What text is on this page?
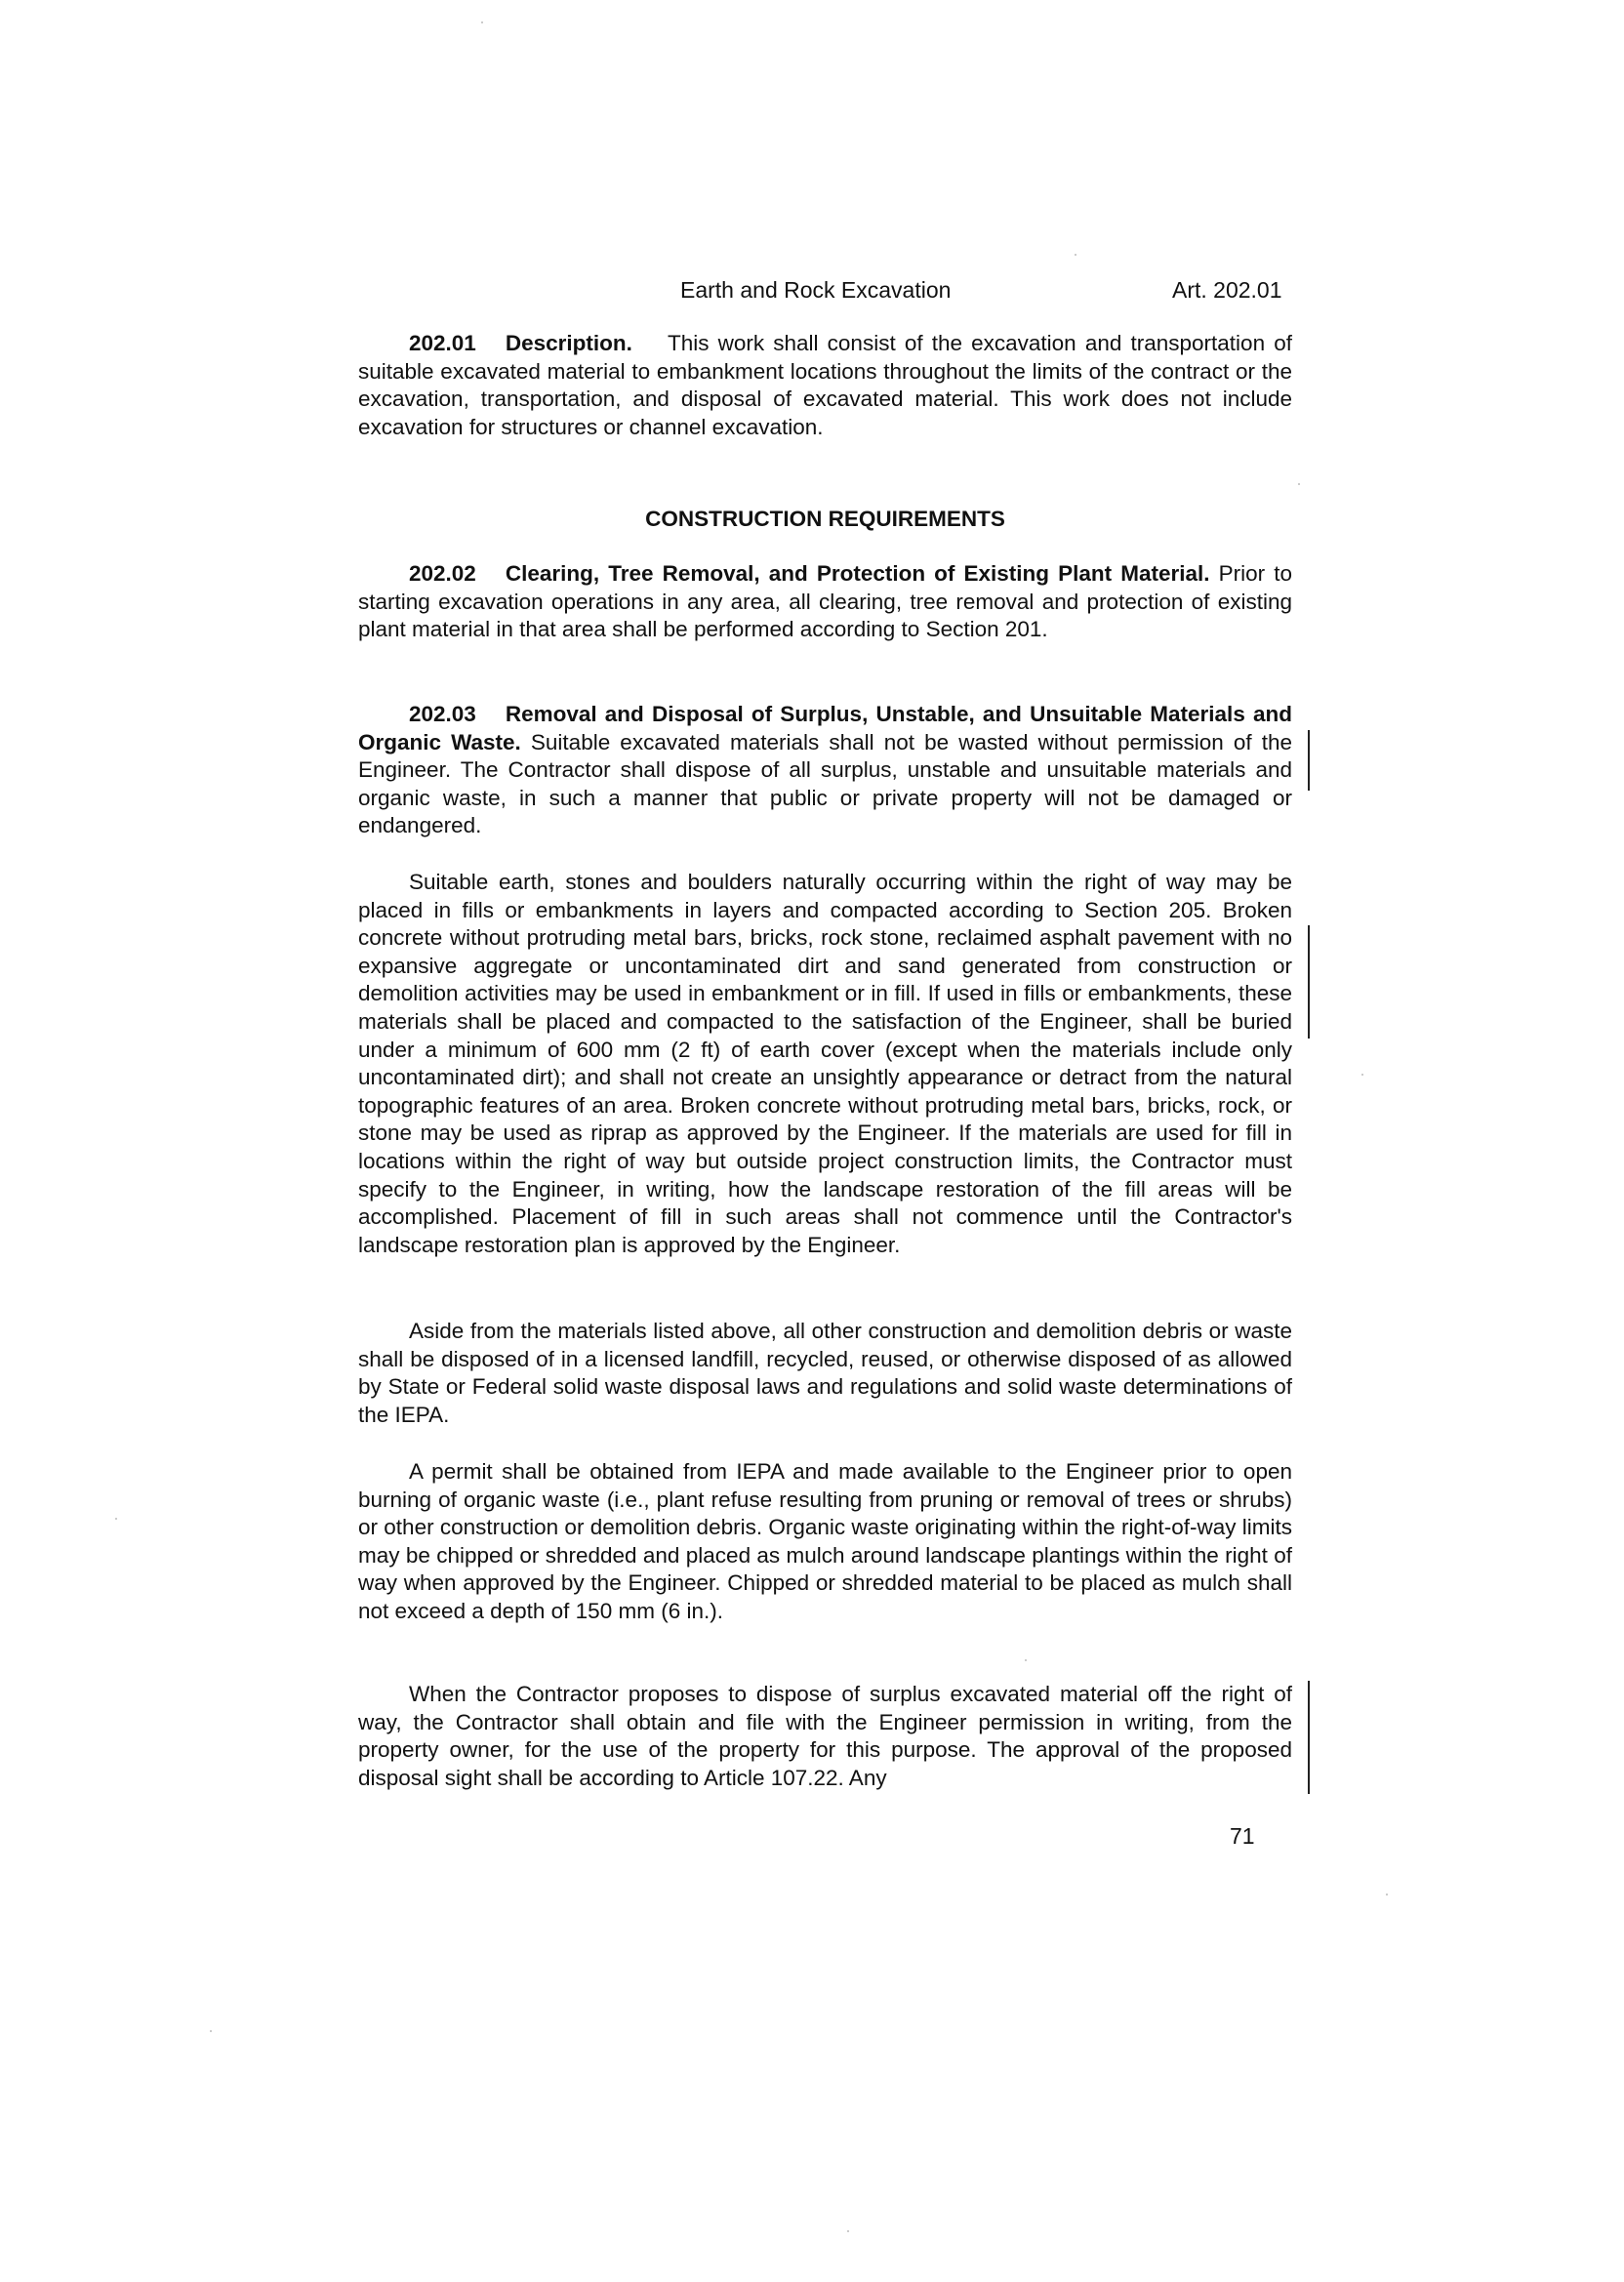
Earth and Rock Excavation	Art. 202.01

202.01 Description. This work shall consist of the excavation and transportation of suitable excavated material to embankment locations throughout the limits of the contract or the excavation, transportation, and disposal of excavated material. This work does not include excavation for structures or channel excavation.

CONSTRUCTION REQUIREMENTS

202.02 Clearing, Tree Removal, and Protection of Existing Plant Material. Prior to starting excavation operations in any area, all clearing, tree removal and protection of existing plant material in that area shall be performed according to Section 201.

202.03 Removal and Disposal of Surplus, Unstable, and Unsuitable Materials and Organic Waste. Suitable excavated materials shall not be wasted without permission of the Engineer. The Contractor shall dispose of all surplus, unstable and unsuitable materials and organic waste, in such a manner that public or private property will not be damaged or endangered.

Suitable earth, stones and boulders naturally occurring within the right of way may be placed in fills or embankments in layers and compacted according to Section 205. Broken concrete without protruding metal bars, bricks, rock stone, reclaimed asphalt pavement with no expansive aggregate or uncontaminated dirt and sand generated from construction or demolition activities may be used in embankment or in fill. If used in fills or embankments, these materials shall be placed and compacted to the satisfaction of the Engineer, shall be buried under a minimum of 600 mm (2 ft) of earth cover (except when the materials include only uncontaminated dirt); and shall not create an unsightly appearance or detract from the natural topographic features of an area. Broken concrete without protruding metal bars, bricks, rock, or stone may be used as riprap as approved by the Engineer. If the materials are used for fill in locations within the right of way but outside project construction limits, the Contractor must specify to the Engineer, in writing, how the landscape restoration of the fill areas will be accomplished. Placement of fill in such areas shall not commence until the Contractor's landscape restoration plan is approved by the Engineer.

Aside from the materials listed above, all other construction and demolition debris or waste shall be disposed of in a licensed landfill, recycled, reused, or otherwise disposed of as allowed by State or Federal solid waste disposal laws and regulations and solid waste determinations of the IEPA.

A permit shall be obtained from IEPA and made available to the Engineer prior to open burning of organic waste (i.e., plant refuse resulting from pruning or removal of trees or shrubs) or other construction or demolition debris. Organic waste originating within the right-of-way limits may be chipped or shredded and placed as mulch around landscape plantings within the right of way when approved by the Engineer. Chipped or shredded material to be placed as mulch shall not exceed a depth of 150 mm (6 in.).

When the Contractor proposes to dispose of surplus excavated material off the right of way, the Contractor shall obtain and file with the Engineer permission in writing, from the property owner, for the use of the property for this purpose. The approval of the proposed disposal sight shall be according to Article 107.22. Any

71
